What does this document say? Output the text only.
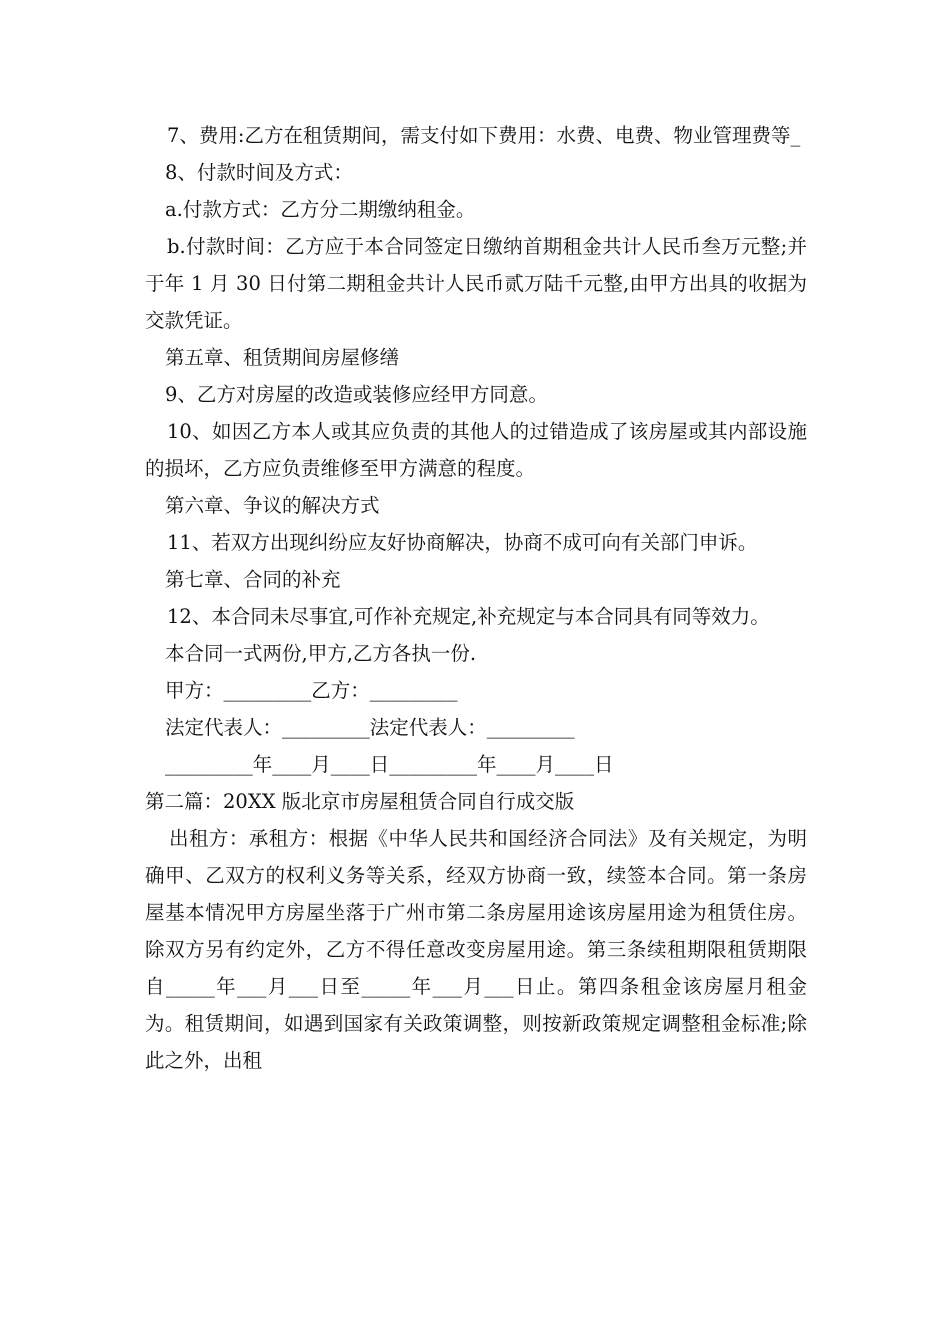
7、费用:乙方在租赁期间，需支付如下费用：水费、电费、物业管理费等_

8、付款时间及方式：

a.付款方式：乙方分二期缴纳租金。

b.付款时间：乙方应于本合同签定日缴纳首期租金共计人民币叁万元整;并于年 1 月 30 日付第二期租金共计人民币贰万陆千元整,由甲方出具的收据为交款凭证。

第五章、租赁期间房屋修缮

9、乙方对房屋的改造或装修应经甲方同意。

10、如因乙方本人或其应负责的其他人的过错造成了该房屋或其内部设施的损坏，乙方应负责维修至甲方满意的程度。

第六章、争议的解决方式

11、若双方出现纠纷应友好协商解决，协商不成可向有关部门申诉。

第七章、合同的补充

12、本合同未尽事宜,可作补充规定,补充规定与本合同具有同等效力。

本合同一式两份,甲方,乙方各执一份.

甲方：_________乙方：_________

法定代表人：_________法定代表人：_________

_________年____月____日_________年____月____日

第二篇：20XX 版北京市房屋租赁合同自行成交版

出租方：承租方：根据《中华人民共和国经济合同法》及有关规定，为明确甲、乙双方的权利义务等关系，经双方协商一致，续签本合同。第一条房屋基本情况甲方房屋坐落于广州市第二条房屋用途该房屋用途为租赁住房。除双方另有约定外，乙方不得任意改变房屋用途。第三条续租期限租赁期限自_____年___月___日至_____年___月___日止。第四条租金该房屋月租金为。租赁期间，如遇到国家有关政策调整，则按新政策规定调整租金标准;除此之外，出租
